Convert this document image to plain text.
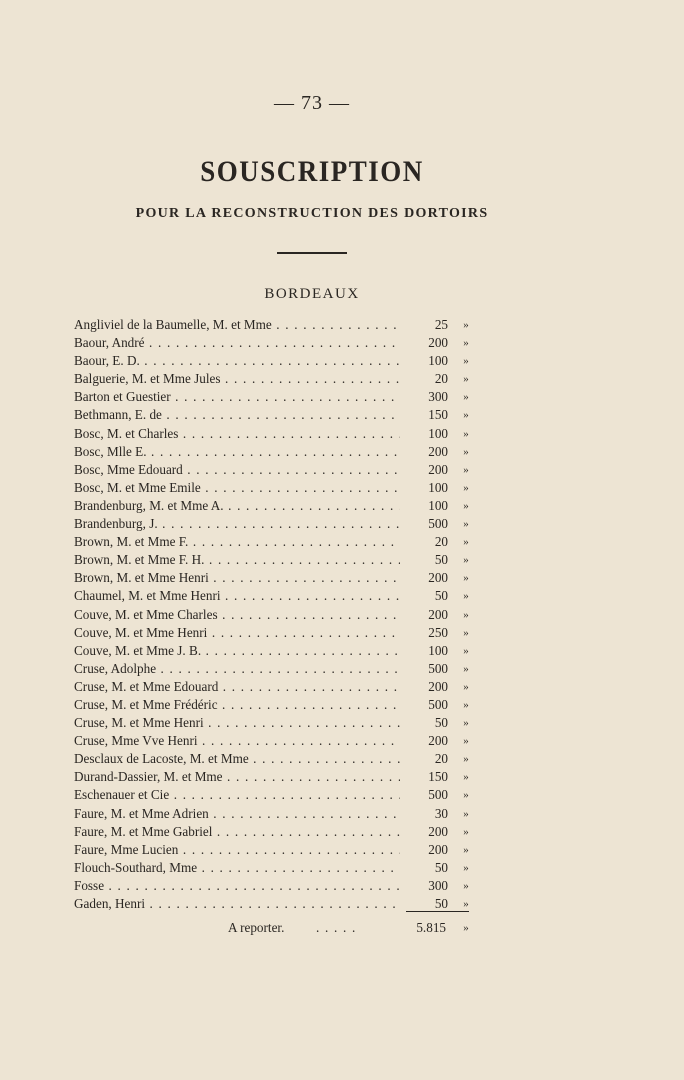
— 73 —
SOUSCRIPTION
POUR LA RECONSTRUCTION DES DORTOIRS
BORDEAUX
Angliviel de la Baumelle, M. et Mme . . .	25	»
Baour, André . . .	200	»
Baour, E. D. . . .	100	»
Balguerie, M. et Mme Jules . . .	20	»
Barton et Guestier . . .	300	»
Bethmann, E. de . . .	150	»
Bosc, M. et Charles . . .	100	»
Bosc, Mlle E. . . .	200	»
Bosc, Mme Edouard . . .	200	»
Bosc, M. et Mme Emile . . .	100	»
Brandenburg, M. et Mme A. . . .	100	»
Brandenburg, J. . . .	500	»
Brown, M. et Mme F. . . .	20	»
Brown, M. et Mme F. H. . . .	50	»
Brown, M. et Mme Henri . . .	200	»
Chaumel, M. et Mme Henri . . .	50	»
Couve, M. et Mme Charles . . .	200	»
Couve, M. et Mme Henri . . .	250	»
Couve, M. et Mme J. B. . . .	100	»
Cruse, Adolphe . . .	500	»
Cruse, M. et Mme Edouard . . .	200	»
Cruse, M. et Mme Frédéric . . .	500	»
Cruse, M. et Mme Henri . . .	50	»
Cruse, Mme Vve Henri . . .	200	»
Desclaux de Lacoste, M. et Mme . . .	20	»
Durand-Dassier, M. et Mme . . .	150	»
Eschenauer et Cie . . .	500	»
Faure, M. et Mme Adrien . . .	30	»
Faure, M. et Mme Gabriel . . .	200	»
Faure, Mme Lucien . . .	200	»
Flouch-Southard, Mme . . .	50	»
Fosse . . .	300	»
Gaden, Henri . . .	50	»
A reporter. . . . . .	5.815	»
